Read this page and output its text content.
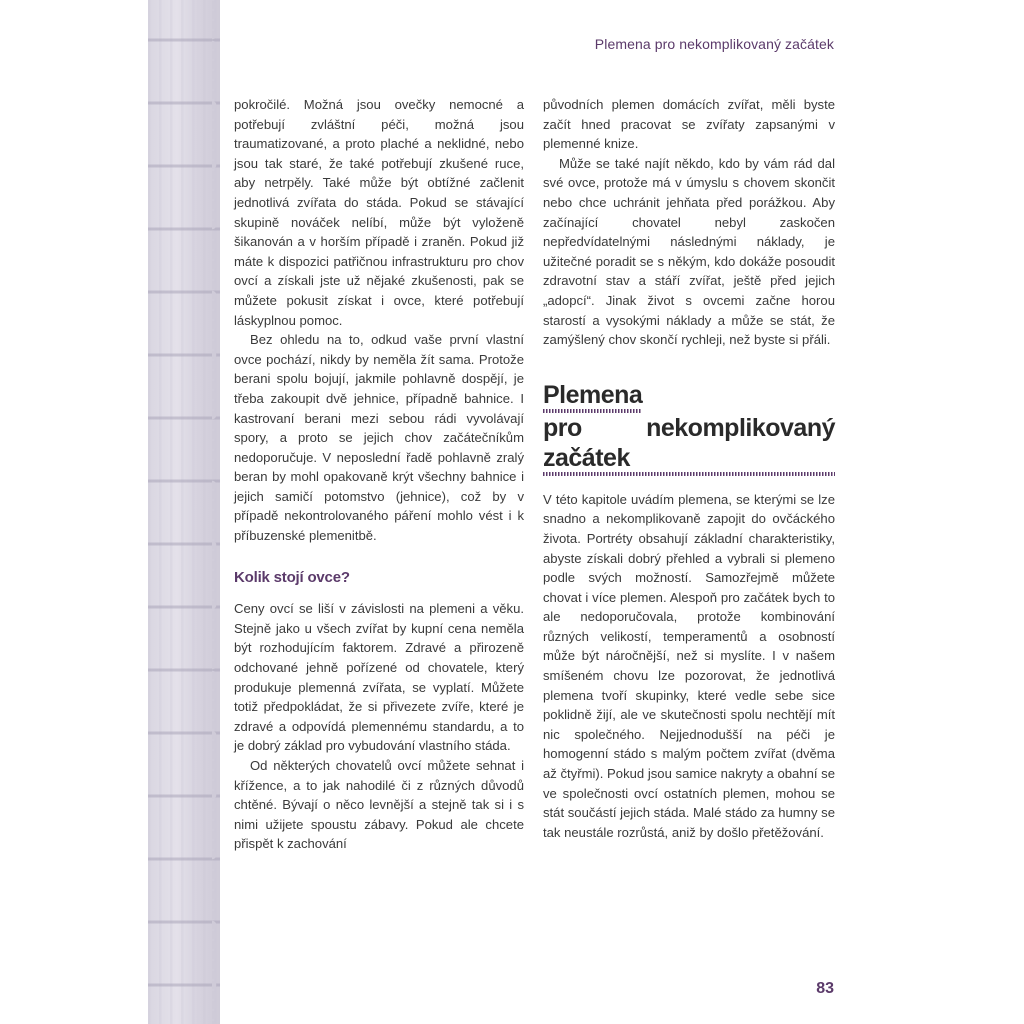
Plemena pro nekomplikovaný začátek

pokročilé. Možná jsou ovečky nemocné a potřebují zvláštní péči, možná jsou traumatizované, a proto plaché a neklidné, nebo jsou tak staré, že také potřebují zkušené ruce, aby netrpěly. Také může být obtížné začlenit jednotlivá zvířata do stáda. Pokud se stávající skupině nováček nelíbí, může být vyloženě šikanován a v horším případě i zraněn. Pokud již máte k dispozici patřičnou infrastrukturu pro chov ovcí a získali jste už nějaké zkušenosti, pak se můžete pokusit získat i ovce, které potřebují láskyplnou pomoc.

Bez ohledu na to, odkud vaše první vlastní ovce pochází, nikdy by neměla žít sama. Protože berani spolu bojují, jakmile pohlavně dospějí, je třeba zakoupit dvě jehnice, případně bahnice. I kastrovaní berani mezi sebou rádi vyvolávají spory, a proto se jejich chov začátečníkům nedoporučuje. V neposlední řadě pohlavně zralý beran by mohl opakovaně krýt všechny bahnice i jejich samičí potomstvo (jehnice), což by v případě nekontrolovaného páření mohlo vést i k příbuzenské plemenitbě.

Kolik stojí ovce?

Ceny ovcí se liší v závislosti na plemeni a věku. Stejně jako u všech zvířat by kupní cena neměla být rozhodujícím faktorem. Zdravé a přirozeně odchované jehně pořízené od chovatele, který produkuje plemenná zvířata, se vyplatí. Můžete totiž předpokládat, že si přivezete zvíře, které je zdravé a odpovídá plemennému standardu, a to je dobrý základ pro vybudování vlastního stáda.

Od některých chovatelů ovcí můžete sehnat i křížence, a to jak nahodilé či z různých důvodů chtěné. Bývají o něco levnější a stejně tak si i s nimi užijete spoustu zábavy. Pokud ale chcete přispět k zachování

původních plemen domácích zvířat, měli byste začít hned pracovat se zvířaty zapsanými v plemenné knize.

Může se také najít někdo, kdo by vám rád dal své ovce, protože má v úmyslu s chovem skončit nebo chce uchránit jehňata před porážkou. Aby začínající chovatel nebyl zaskočen nepředvídatelnými následnými náklady, je užitečné poradit se s někým, kdo dokáže posoudit zdravotní stav a stáří zvířat, ještě před jejich „adopcí“. Jinak život s ovcemi začne horou starostí a vysokými náklady a může se stát, že zamýšlený chov skončí rychleji, než byste si přáli.

Plemena
pro nekomplikovaný začátek

V této kapitole uvádím plemena, se kterými se lze snadno a nekomplikovaně zapojit do ovčáckého života. Portréty obsahují základní charakteristiky, abyste získali dobrý přehled a vybrali si plemeno podle svých možností. Samozřejmě můžete chovat i více plemen. Alespoň pro začátek bych to ale nedoporučovala, protože kombinování různých velikostí, temperamentů a osobností může být náročnější, než si myslíte. I v našem smíšeném chovu lze pozorovat, že jednotlivá plemena tvoří skupinky, které vedle sebe sice poklidně žijí, ale ve skutečnosti spolu nechtějí mít nic společného. Nejjednodušší na péči je homogenní stádo s malým počtem zvířat (dvěma až čtyřmi). Pokud jsou samice nakryty a obahní se ve společnosti ovcí ostatních plemen, mohou se stát součástí jejich stáda. Malé stádo za humny se tak neustále rozrůstá, aniž by došlo přetěžování.

83
